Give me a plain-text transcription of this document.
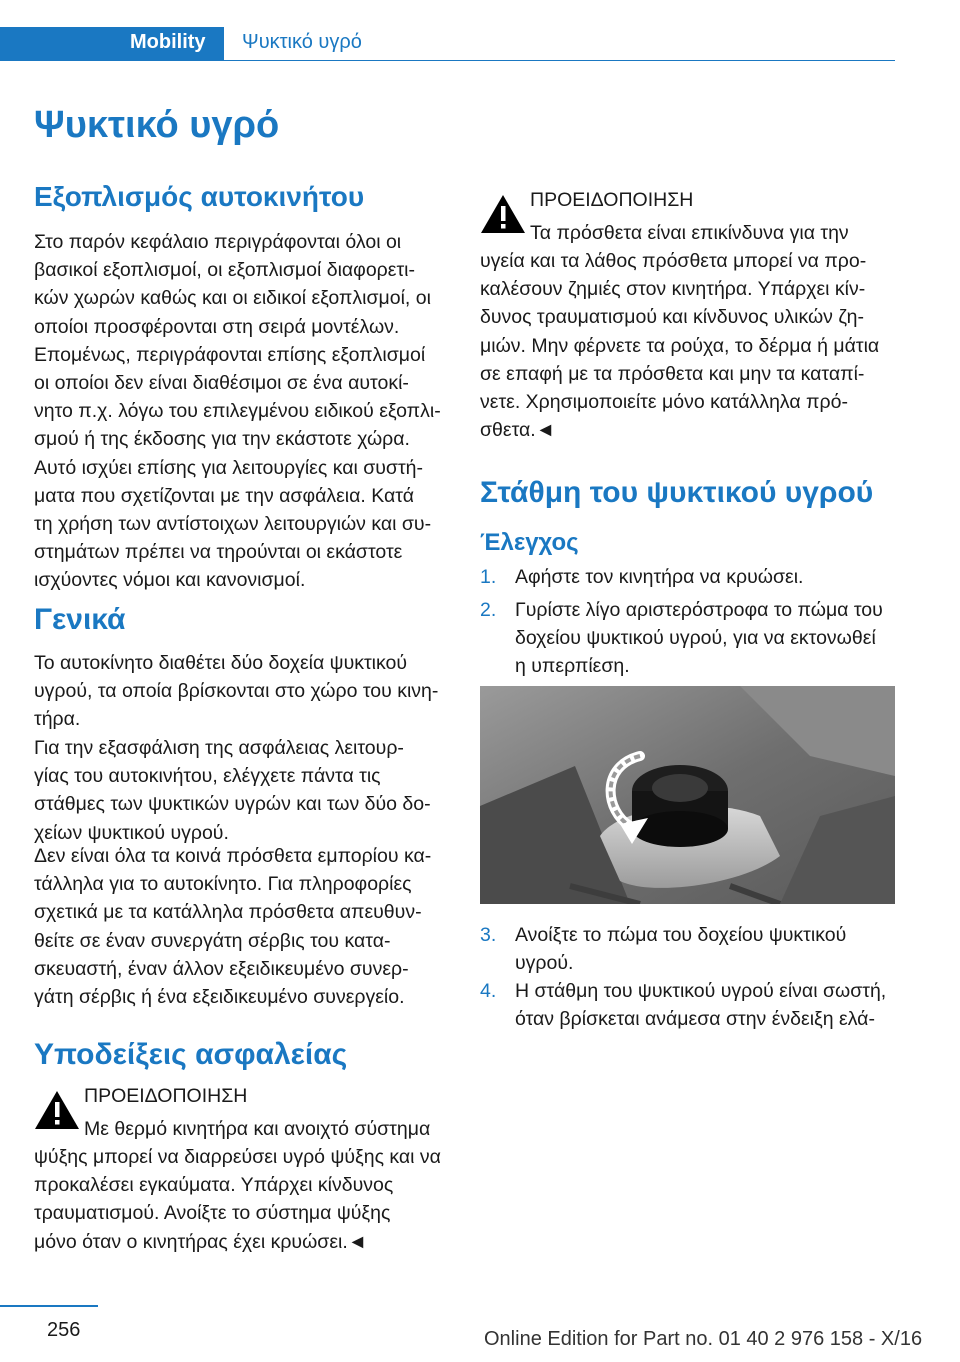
Mobility	Ψυκτικό υγρό
Ψυκτικό υγρό
Εξοπλισμός αυτοκινήτου
Στο παρόν κεφάλαιο περιγράφονται όλοι οι
βασικοί εξοπλισμοί, οι εξοπλισμοί διαφορετι‐
κών χωρών καθώς και οι ειδικοί εξοπλισμοί, οι
οποίοι προσφέρονται στη σειρά μοντέλων.
Επομένως, περιγράφονται επίσης εξοπλισμοί
οι οποίοι δεν είναι διαθέσιμοι σε ένα αυτοκί‐
νητο π.χ. λόγω του επιλεγμένου ειδικού εξοπλι‐
σμού ή της έκδοσης για την εκάστοτε χώρα.
Αυτό ισχύει επίσης για λειτουργίες και συστή‐
ματα που σχετίζονται με την ασφάλεια. Κατά
τη χρήση των αντίστοιχων λειτουργιών και συ‐
στημάτων πρέπει να τηρούνται οι εκάστοτε
ισχύοντες νόμοι και κανονισμοί.
Γενικά
Το αυτοκίνητο διαθέτει δύο δοχεία ψυκτικού
υγρού, τα οποία βρίσκονται στο χώρο του κινη‐
τήρα.
Για την εξασφάλιση της ασφάλειας λειτουρ‐
γίας του αυτοκινήτου, ελέγχετε πάντα τις
στάθμες των ψυκτικών υγρών και των δύο δο‐
χείων ψυκτικού υγρού.
Δεν είναι όλα τα κοινά πρόσθετα εμπορίου κα‐
τάλληλα για το αυτοκίνητο. Για πληροφορίες
σχετικά με τα κατάλληλα πρόσθετα απευθυν‐
θείτε σε έναν συνεργάτη σέρβις του κατα‐
σκευαστή, έναν άλλον εξειδικευμένο συνερ‐
γάτη σέρβις ή ένα εξειδικευμένο συνεργείο.
Υποδείξεις ασφαλείας
ΠΡΟΕΙΔΟΠΟΙΗΣΗ
Με θερμό κινητήρα και ανοιχτό σύστημα
ψύξης μπορεί να διαρρεύσει υγρό ψύξης και να
προκαλέσει εγκαύματα. Υπάρχει κίνδυνος
τραυματισμού. Ανοίξτε το σύστημα ψύξης
μόνο όταν ο κινητήρας έχει κρυώσει.◄
ΠΡΟΕΙΔΟΠΟΙΗΣΗ
Τα πρόσθετα είναι επικίνδυνα για την
υγεία και τα λάθος πρόσθετα μπορεί να προ‐
καλέσουν ζημιές στον κινητήρα. Υπάρχει κίν‐
δυνος τραυματισμού και κίνδυνος υλικών ζη‐
μιών. Μην φέρνετε τα ρούχα, το δέρμα ή μάτια
σε επαφή με τα πρόσθετα και μην τα καταπί‐
νετε. Χρησιμοποιείτε μόνο κατάλληλα πρό‐
σθετα.◄
Στάθμη του ψυκτικού υγρού
Έλεγχος
1. Αφήστε τον κινητήρα να κρυώσει.
2. Γυρίστε λίγο αριστερόστροφα το πώμα του
δοχείου ψυκτικού υγρού, για να εκτονωθεί
η υπερπίεση.
3. Ανοίξτε το πώμα του δοχείου ψυκτικού
υγρού.
4. Η στάθμη του ψυκτικού υγρού είναι σωστή,
όταν βρίσκεται ανάμεσα στην ένδειξη ελά‐
256	Online Edition for Part no. 01 40 2 976 158 - X/16
